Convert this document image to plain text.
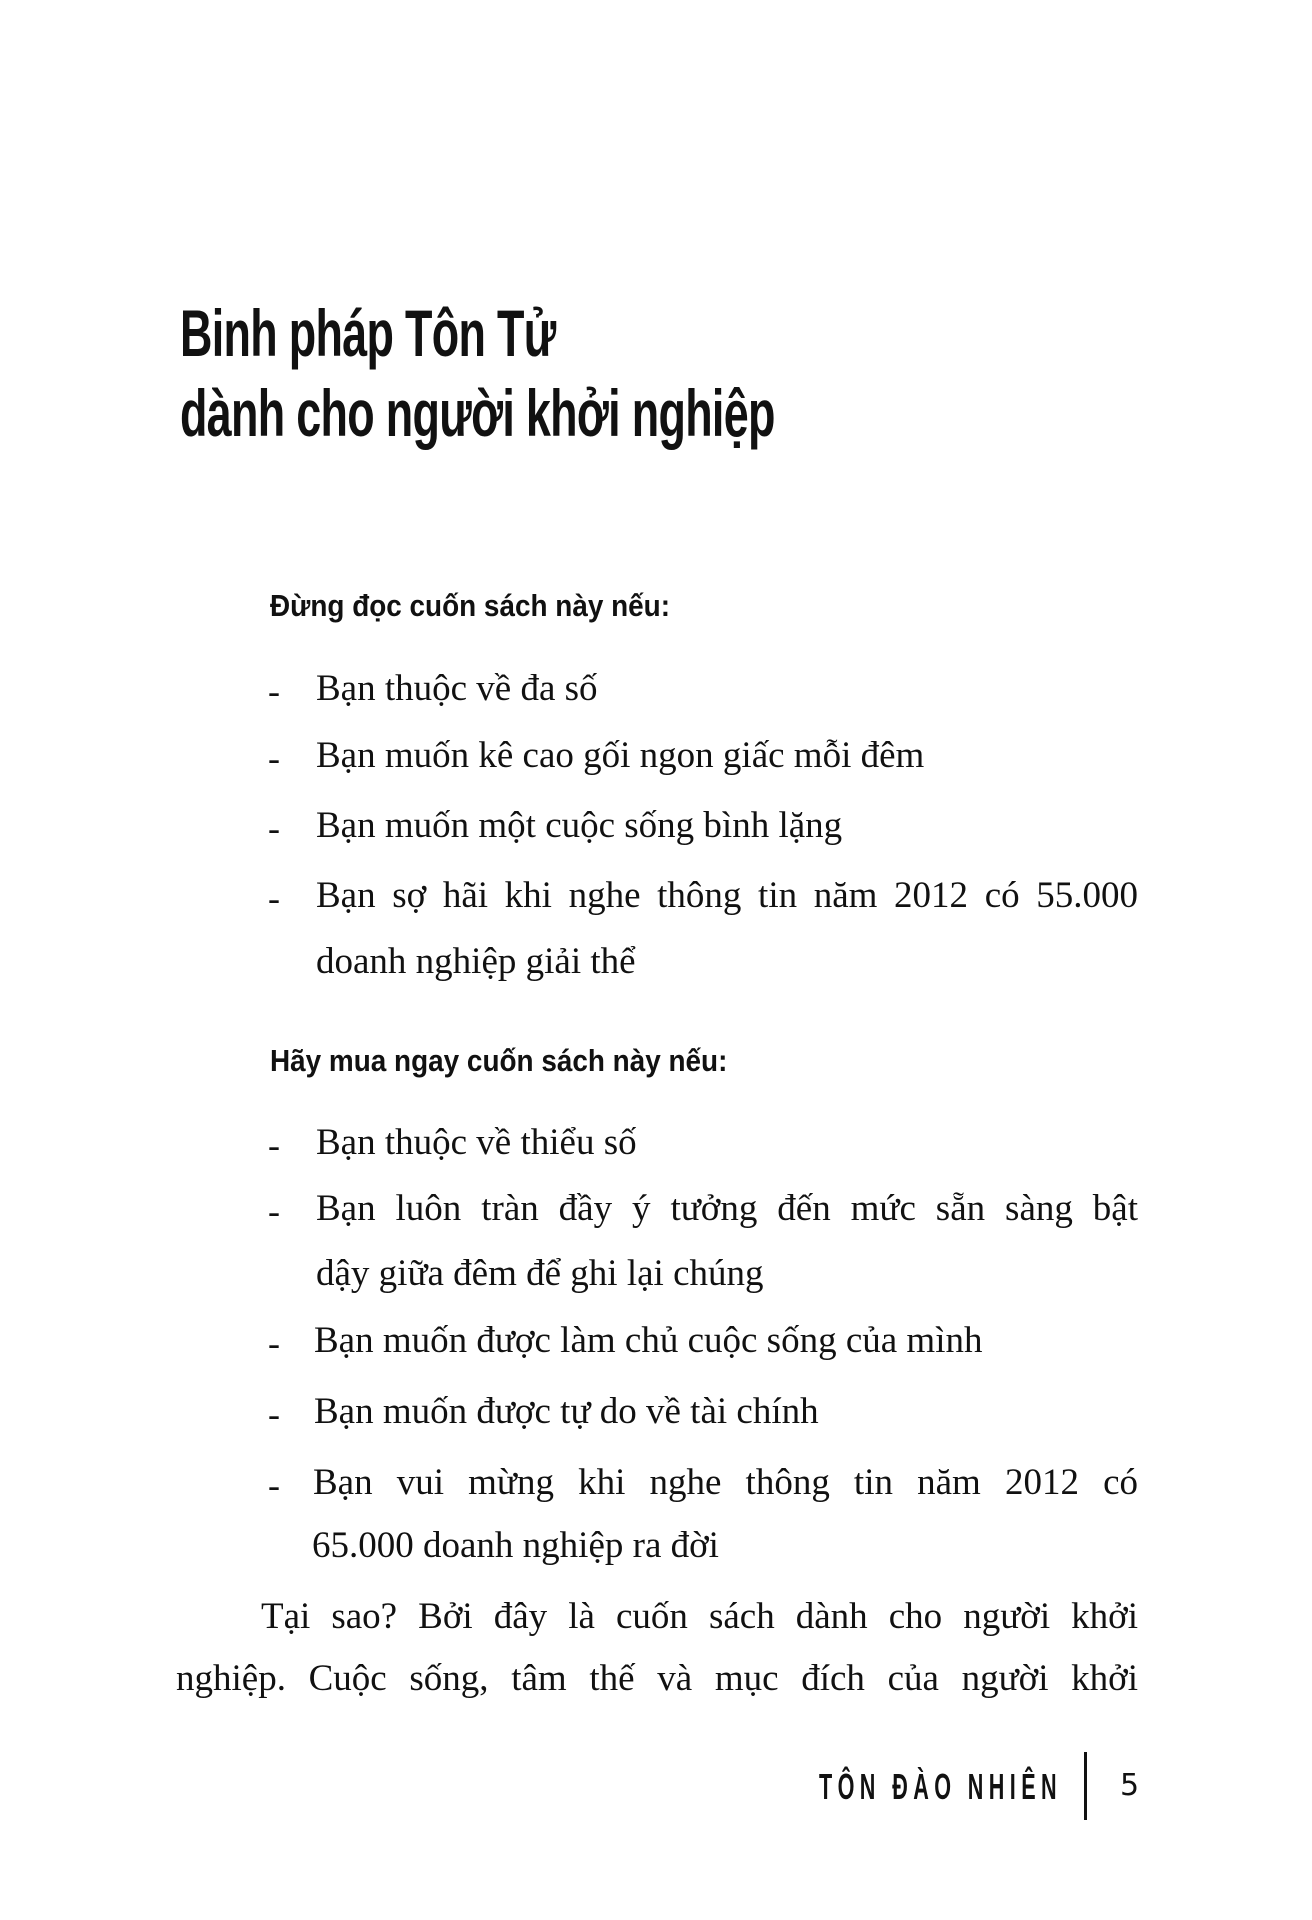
Binh pháp Tôn Tử
dành cho người khởi nghiệp
Đừng đọc cuốn sách này nếu:
- Bạn thuộc về đa số
- Bạn muốn kê cao gối ngon giấc mỗi đêm
- Bạn muốn một cuộc sống bình lặng
- Bạn sợ hãi khi nghe thông tin năm 2012 có 55.000
doanh nghiệp giải thể
Hãy mua ngay cuốn sách này nếu:
- Bạn thuộc về thiểu số
- Bạn luôn tràn đầy ý tưởng đến mức sẵn sàng bật
dậy giữa đêm để ghi lại chúng
- Bạn muốn được làm chủ cuộc sống của mình
- Bạn muốn được tự do về tài chính
- Bạn vui mừng khi nghe thông tin năm 2012 có
65.000 doanh nghiệp ra đời
Tại sao? Bởi đây là cuốn sách dành cho người khởi
nghiệp. Cuộc sống, tâm thế và mục đích của người khởi
TÔN ĐÀO NHIÊN 5
